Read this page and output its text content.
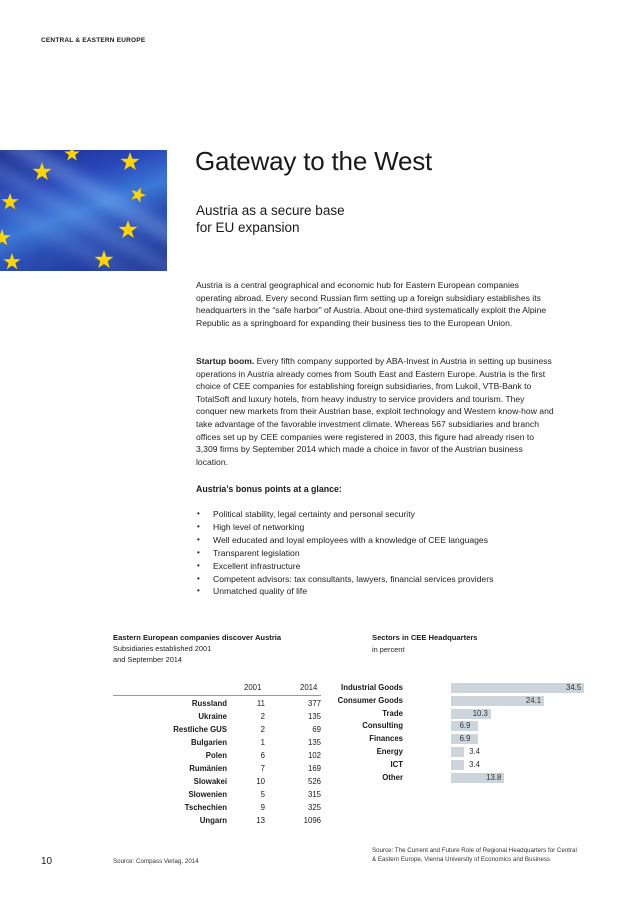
CENTRAL & EASTERN EUROPE
Gateway to the West
Austria as a secure base
for EU expansion
Austria is a central geographical and economic hub for Eastern European companies operating abroad. Every second Russian firm setting up a foreign subsidiary establishes its headquarters in the “safe harbor” of Austria. About one-third systematically exploit the Alpine Republic as a springboard for expanding their business ties to the European Union.
Startup boom. Every fifth company supported by ABA-Invest in Austria in setting up business operations in Austria already comes from South East and Eastern Europe. Austria is the first choice of CEE companies for establishing foreign subsidiaries, from Lukoil, VTB-Bank to TotalSoft and luxury hotels, from heavy industry to service providers and tourism. They conquer new markets from their Austrian base, exploit technology and Western know-how and take advantage of the favorable investment climate. Whereas 567 subsidiaries and branch offices set up by CEE companies were registered in 2003, this figure had already risen to 3,309 firms by September 2014 which made a choice in favor of the Austrian business location.
Austria’s bonus points at a glance:
• Political stability, legal certainty and personal security
• High level of networking
• Well educated and loyal employees with a knowledge of CEE languages
• Transparent legislation
• Excellent infrastructure
• Competent advisors: tax consultants, lawyers, financial services providers
• Unmatched quality of life
Eastern European companies discover Austria
Subsidiaries established 2001
and September 2014
2001	2014
Russland	11	377
Ukraine	2	135
Restliche GUS	2	69
Bulgarien	1	135
Polen	6	102
Rumänien	7	169
Slowakei	10	526
Slowenien	5	315
Tschechien	9	325
Ungarn	13	1096
Sectors in CEE Headquarters
in percent
Industrial Goods	34.5
Consumer Goods	24.1
Trade	10.3
Consulting	6.9
Finances	6.9
Energy	3.4
ICT	3.4
Other	13.8
10	Source: Compass Verlag, 2014
Source: The Current and Future Role of Regional Headquarters for Central & Eastern Europe, Vienna University of Economics and Business
